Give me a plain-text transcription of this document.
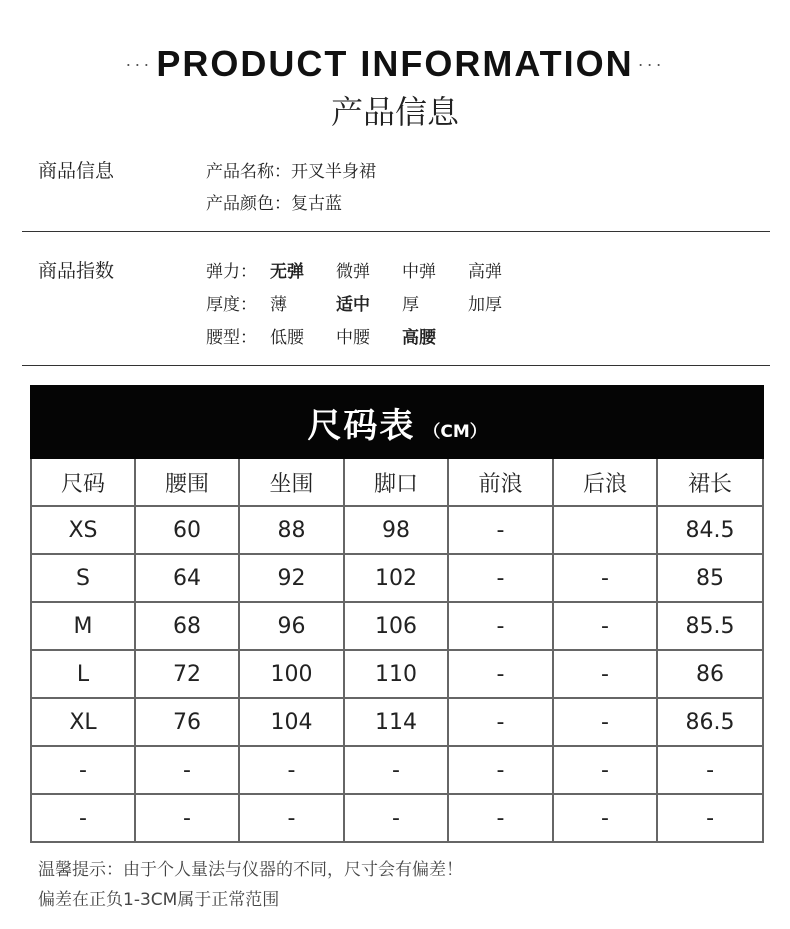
··· PRODUCT INFORMATION ···
产品信息
商品信息	产品名称：开叉半身裙
产品颜色：复古蓝
商品指数	弹力： 无弹	微弹	中弹	高弹
厚度： 薄	适中	厚	加厚
腰型： 低腰	中腰	高腰
尺码表 （CM）						
尺码	腰围	坐围	脚口	前浪	后浪	裙长
XS	60	88	98	-		84.5
S	64	92	102	-	-	85
M	68	96	106	-	-	85.5
L	72	100	110	-	-	86
XL	76	104	114	-	-	86.5
-	-	-	-	-	-	-
-	-	-	-	-	-	-
温馨提示：由于个人量法与仪器的不同，尺寸会有偏差！
偏差在正负1-3CM属于正常范围
